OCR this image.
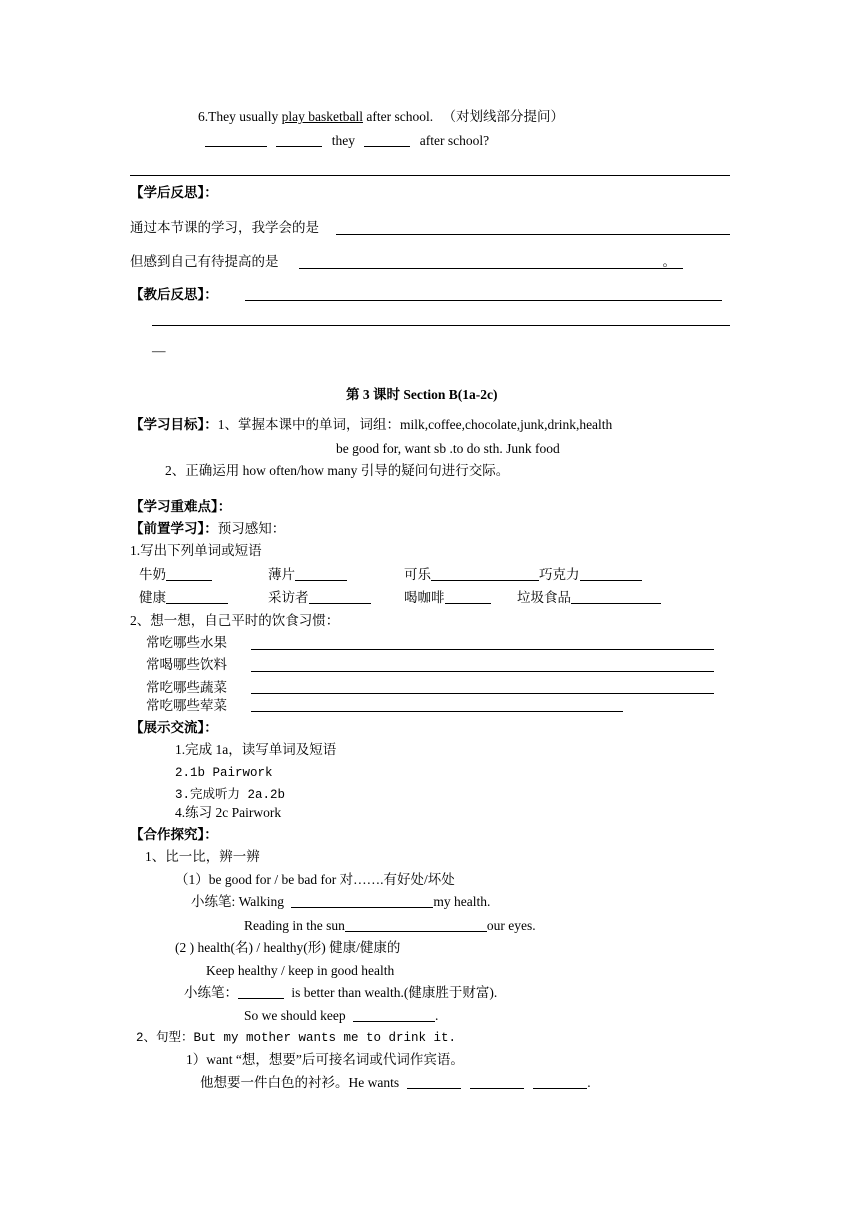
6.They usually play basketball after school. （对划线部分提问）
they	after school?
【学后反思】：
通过本节课的学习，我学会的是
但感到自己有待提高的是	。
【教后反思】：
—
第 3 课时 Section B(1a-2c)
【学习目标】：1、掌握本课中的单词，词组：milk,coffee,chocolate,junk,drink,health
be good for, want sb .to do sth. Junk food
2、正确运用 how often/how many 引导的疑问句进行交际。
【学习重难点】：
【前置学习】：预习感知：
1.写出下列单词或短语
牛奶	薄片	可乐	巧克力
健康	采访者	喝咖啡	垃圾食品
2、想一想，自己平时的饮食习惯：
常吃哪些水果
常喝哪些饮料
常吃哪些蔬菜
常吃哪些荤菜
【展示交流】：
1.完成 1a，读写单词及短语
2.1b Pairwork
3.完成听力 2a.2b
4.练习 2c Pairwork
【合作探究】：
1、比一比，辨一辨
（1）be good for / be bad for 对…….有好处/坏处
小练笔: Walking	my health.
Reading in the sun	our eyes.
(2 ) health(名) / healthy(形) 健康/健康的
Keep healthy / keep in good health
小练笔：	is better than wealth.(健康胜于财富).
So we should keep	.
2、句型：But my mother wants me to drink it.
1）want “想，想要”后可接名词或代词作宾语。
他想要一件白色的衬衫。He wants	.
